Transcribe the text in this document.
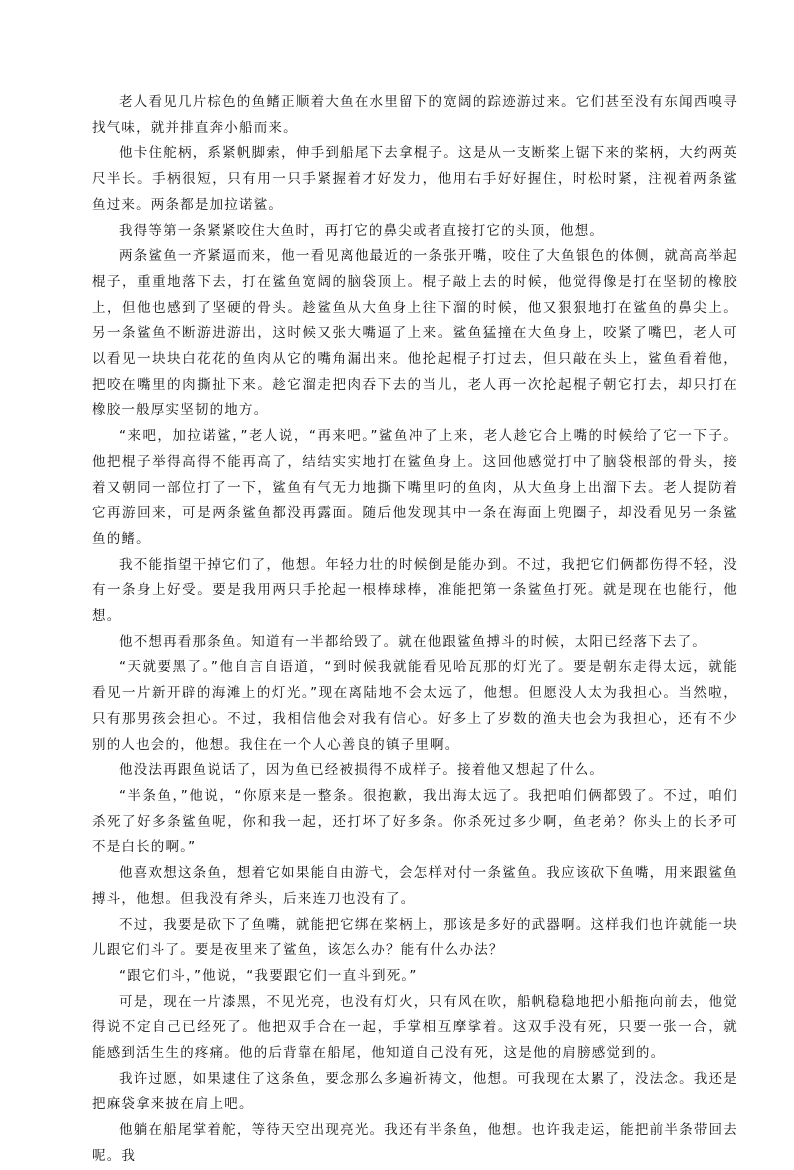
老人看见几片棕色的鱼鳍正顺着大鱼在水里留下的宽阔的踪迹游过来。它们甚至没有东闻西嗅寻找气味，就并排直奔小船而来。

他卡住舵柄，系紧帆脚索，伸手到船尾下去拿棍子。这是从一支断桨上锯下来的桨柄，大约两英尺半长。手柄很短，只有用一只手紧握着才好发力，他用右手好好握住，时松时紧，注视着两条鲨鱼过来。两条都是加拉诺鲨。

我得等第一条紧紧咬住大鱼时，再打它的鼻尖或者直接打它的头顶，他想。

两条鲨鱼一齐紧逼而来，他一看见离他最近的一条张开嘴，咬住了大鱼银色的体侧，就高高举起棍子，重重地落下去，打在鲨鱼宽阔的脑袋顶上。棍子敲上去的时候，他觉得像是打在坚韧的橡胶上，但他也感到了坚硬的骨头。趁鲨鱼从大鱼身上往下溜的时候，他又狠狠地打在鲨鱼的鼻尖上。另一条鲨鱼不断游进游出，这时候又张大嘴逼了上来。鲨鱼猛撞在大鱼身上，咬紧了嘴巴，老人可以看见一块块白花花的鱼肉从它的嘴角漏出来。他抡起棍子打过去，但只敲在头上，鲨鱼看着他，把咬在嘴里的肉撕扯下来。趁它溜走把肉吞下去的当儿，老人再一次抡起棍子朝它打去，却只打在橡胶一般厚实坚韧的地方。

“来吧，加拉诺鲨，”老人说，“再来吧。”鲨鱼冲了上来，老人趁它合上嘴的时候给了它一下子。他把棍子举得高得不能再高了，结结实实地打在鲨鱼身上。这回他感觉打中了脑袋根部的骨头，接着又朝同一部位打了一下，鲨鱼有气无力地撕下嘴里叼的鱼肉，从大鱼身上出溜下去。老人提防着它再游回来，可是两条鲨鱼都没再露面。随后他发现其中一条在海面上兜圈子，却没看见另一条鲨鱼的鳍。

我不能指望干掉它们了，他想。年轻力壮的时候倒是能办到。不过，我把它们俩都伤得不轻，没有一条身上好受。要是我用两只手抡起一根棒球棒，准能把第一条鲨鱼打死。就是现在也能行，他想。

他不想再看那条鱼。知道有一半都给毁了。就在他跟鲨鱼搏斗的时候，太阳已经落下去了。

“天就要黑了。”他自言自语道，“到时候我就能看见哈瓦那的灯光了。要是朝东走得太远，就能看见一片新开辟的海滩上的灯光。”现在离陆地不会太远了，他想。但愿没人太为我担心。当然啦，只有那男孩会担心。不过，我相信他会对我有信心。好多上了岁数的渔夫也会为我担心，还有不少别的人也会的，他想。我住在一个人心善良的镇子里啊。

他没法再跟鱼说话了，因为鱼已经被损得不成样子。接着他又想起了什么。

“半条鱼，”他说，“你原来是一整条。很抱歉，我出海太远了。我把咱们俩都毁了。不过，咱们杀死了好多条鲨鱼呢，你和我一起，还打坏了好多条。你杀死过多少啊，鱼老弟？你头上的长矛可不是白长的啊。”

他喜欢想这条鱼，想着它如果能自由游弋，会怎样对付一条鲨鱼。我应该砍下鱼嘴，用来跟鲨鱼搏斗，他想。但我没有斧头，后来连刀也没有了。

不过，我要是砍下了鱼嘴，就能把它绑在桨柄上，那该是多好的武器啊。这样我们也许就能一块儿跟它们斗了。要是夜里来了鲨鱼，该怎么办？能有什么办法？

“跟它们斗，”他说，“我要跟它们一直斗到死。”

可是，现在一片漆黑，不见光亮，也没有灯火，只有风在吹，船帆稳稳地把小船拖向前去，他觉得说不定自己已经死了。他把双手合在一起，手掌相互摩挲着。这双手没有死，只要一张一合，就能感到活生生的疼痛。他的后背靠在船尾，他知道自己没有死，这是他的肩膀感觉到的。

我许过愿，如果逮住了这条鱼，要念那么多遍祈祷文，他想。可我现在太累了，没法念。我还是把麻袋拿来披在肩上吧。

他躺在船尾掌着舵，等待天空出现亮光。我还有半条鱼，他想。也许我走运，能把前半条带回去呢。我
